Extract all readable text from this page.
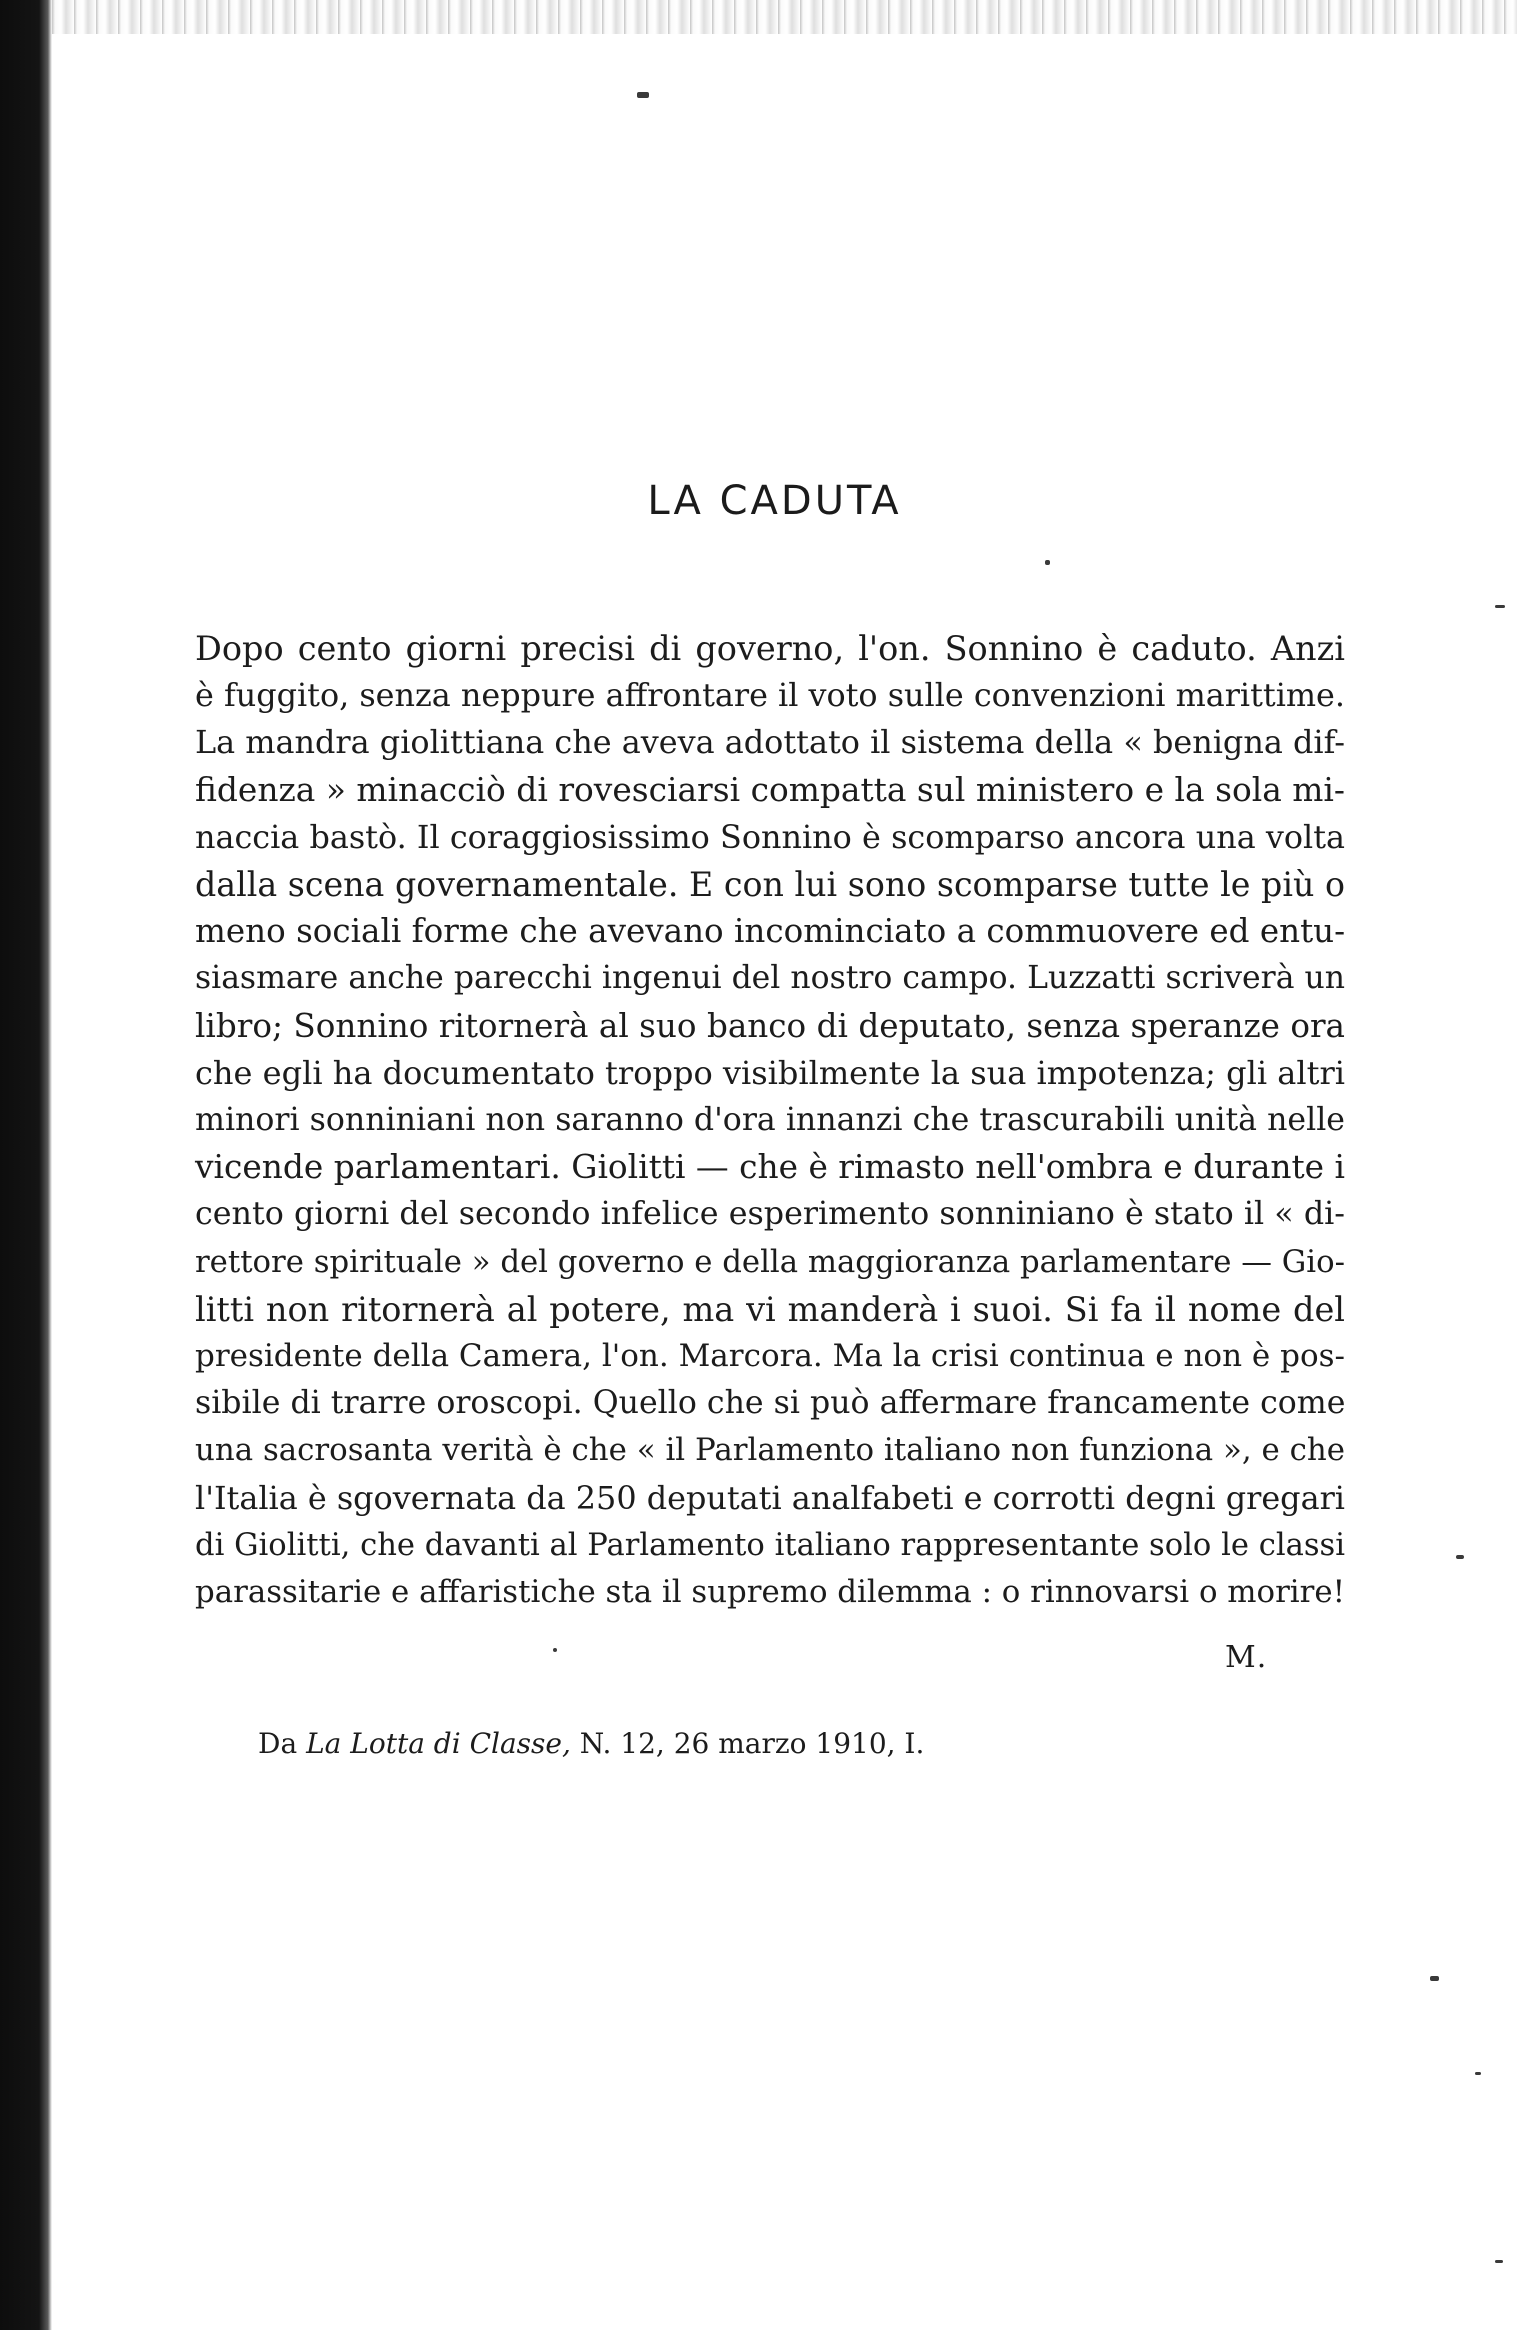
LA CADUTA
Dopo cento giorni precisi di governo, l'on. Sonnino è caduto. Anzi
è fuggito, senza neppure affrontare il voto sulle convenzioni marittime.
La mandra giolittiana che aveva adottato il sistema della « benigna dif-
fidenza » minacciò di rovesciarsi compatta sul ministero e la sola mi-
naccia bastò. Il coraggiosissimo Sonnino è scomparso ancora una volta
dalla scena governamentale. E con lui sono scomparse tutte le più o
meno sociali forme che avevano incominciato a commuovere ed entu-
siasmare anche parecchi ingenui del nostro campo. Luzzatti scriverà un
libro; Sonnino ritornerà al suo banco di deputato, senza speranze ora
che egli ha documentato troppo visibilmente la sua impotenza; gli altri
minori sonniniani non saranno d'ora innanzi che trascurabili unità nelle
vicende parlamentari. Giolitti — che è rimasto nell'ombra e durante i
cento giorni del secondo infelice esperimento sonniniano è stato il « di-
rettore spirituale » del governo e della maggioranza parlamentare — Gio-
litti non ritornerà al potere, ma vi manderà i suoi. Si fa il nome del
presidente della Camera, l'on. Marcora. Ma la crisi continua e non è pos-
sibile di trarre oroscopi. Quello che si può affermare francamente come
una sacrosanta verità è che « il Parlamento italiano non funziona », e che
l'Italia è sgovernata da 250 deputati analfabeti e corrotti degni gregari
di Giolitti, che davanti al Parlamento italiano rappresentante solo le classi
parassitarie e affaristiche sta il supremo dilemma : o rinnovarsi o morire!

M.

Da La Lotta di Classe, N. 12, 26 marzo 1910, I.
